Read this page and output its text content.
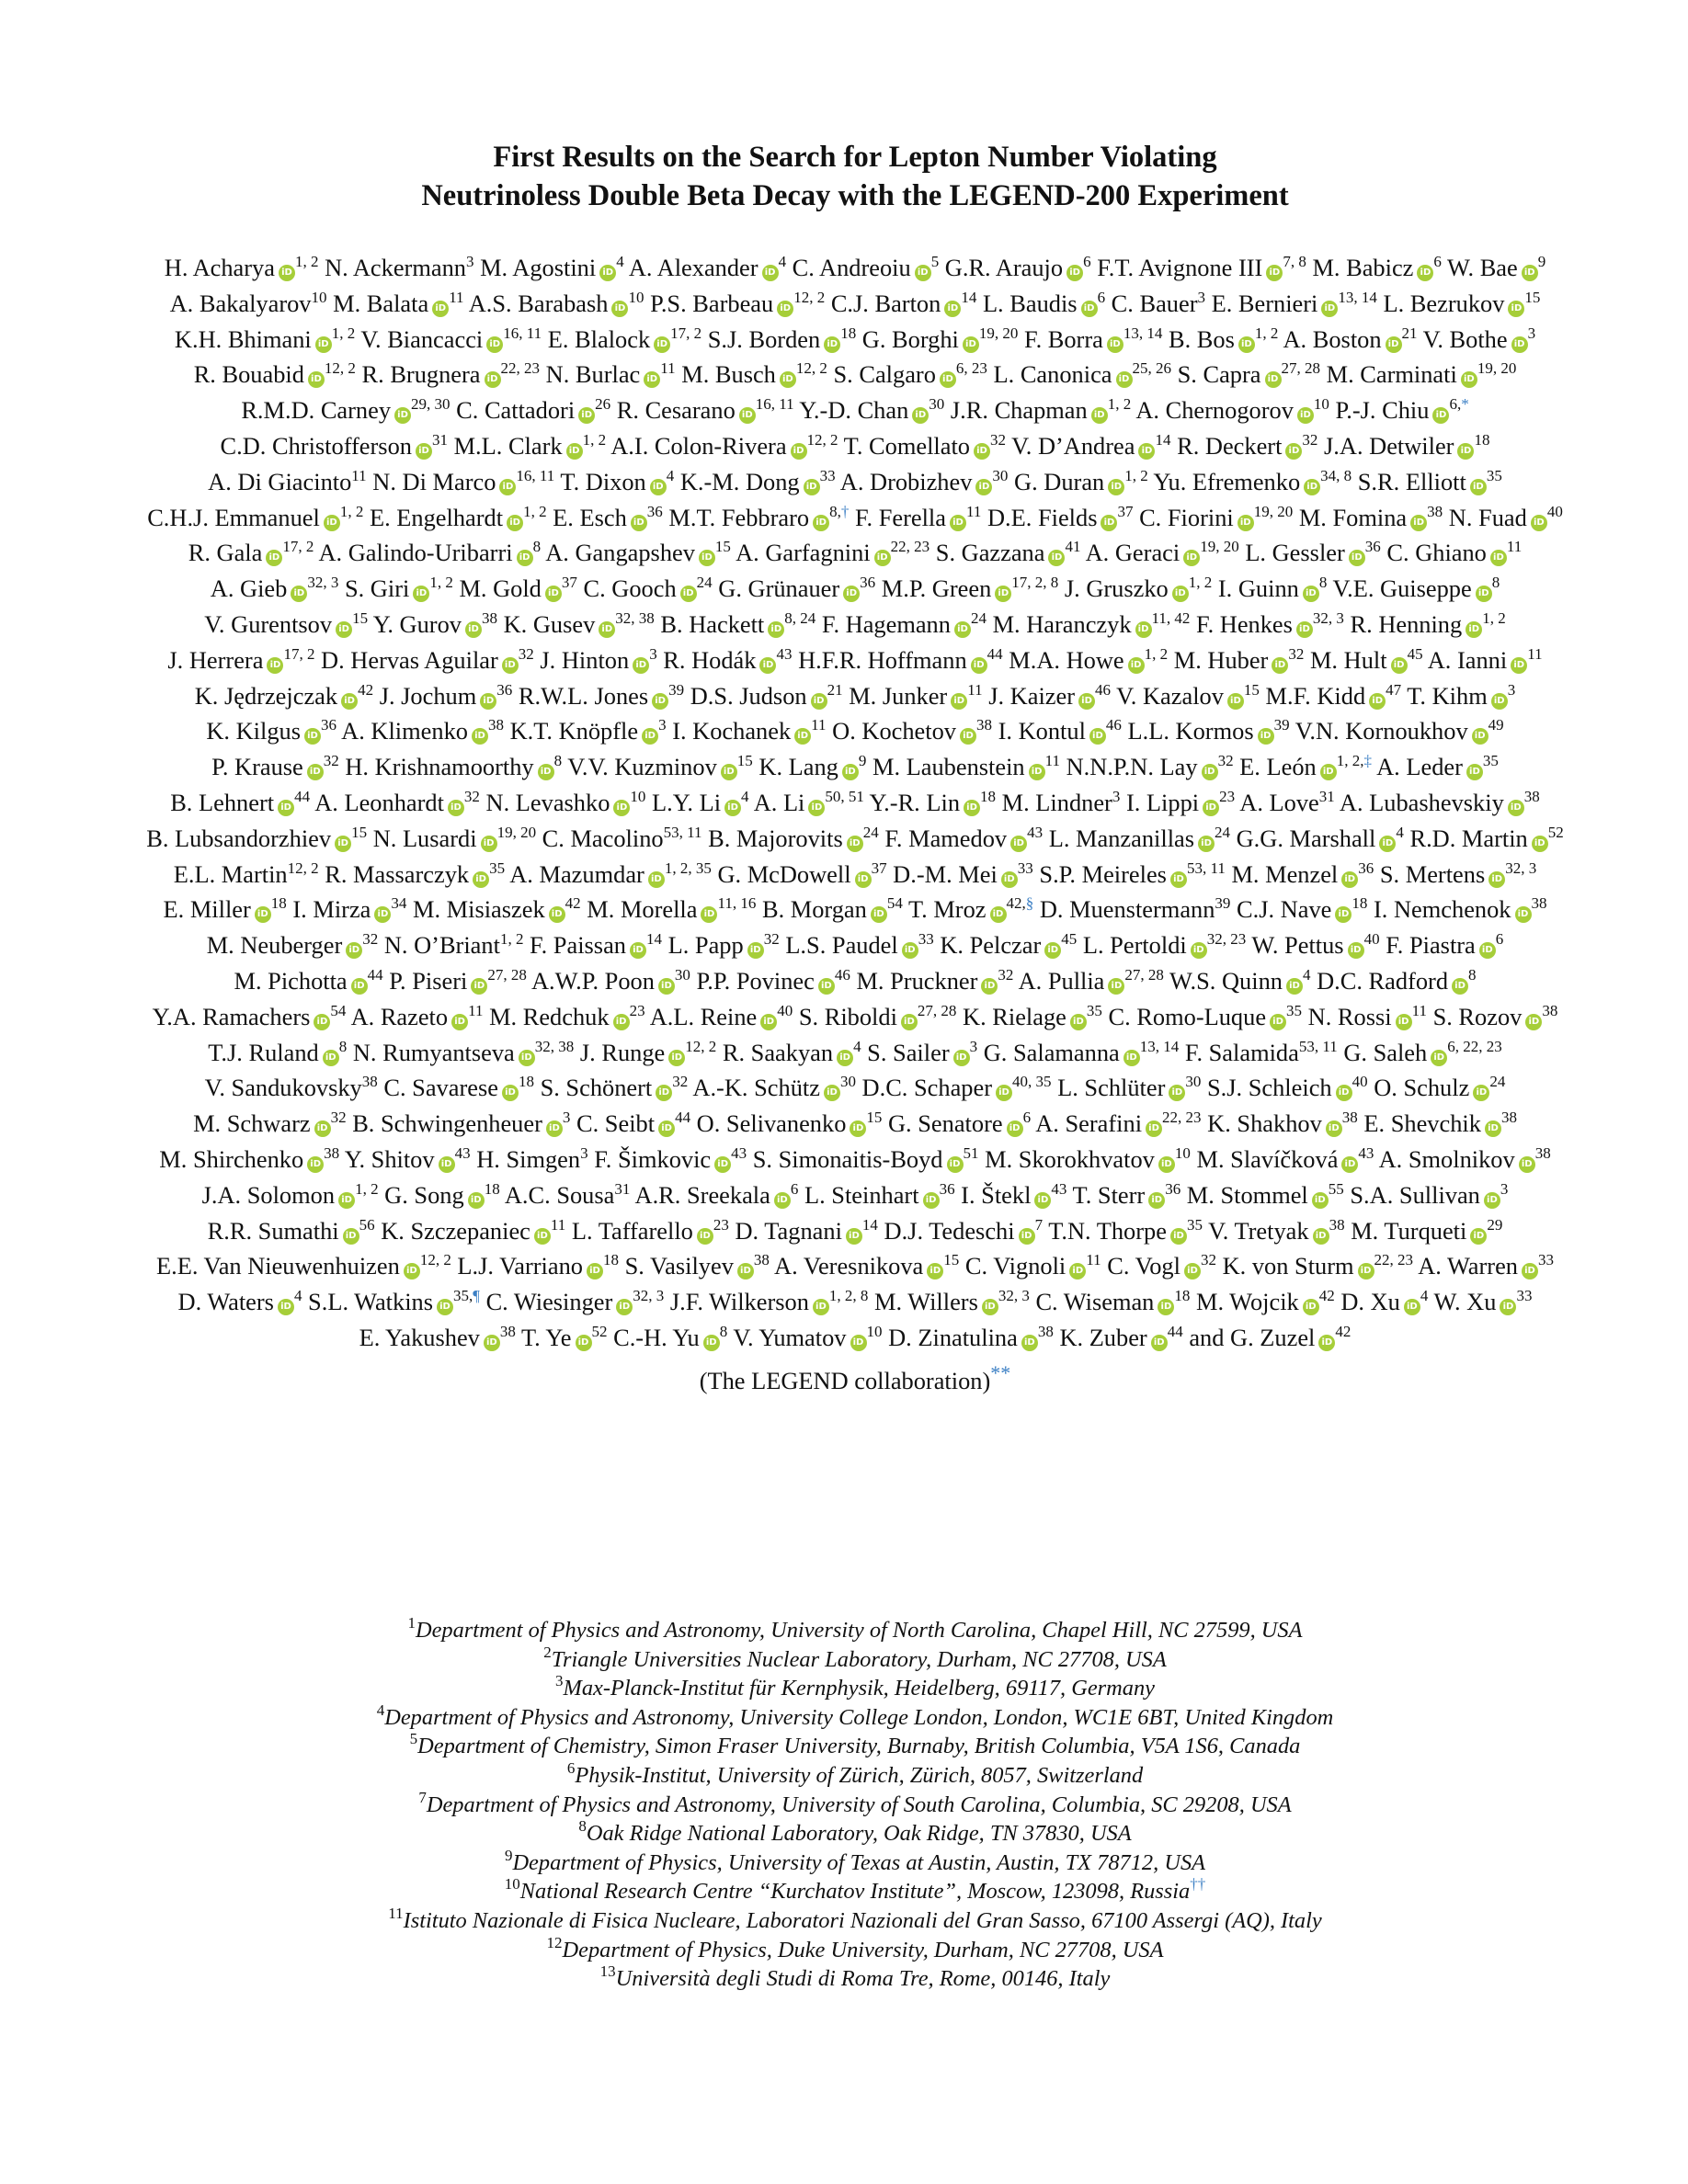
First Results on the Search for Lepton Number Violating
Neutrinoless Double Beta Decay with the LEGEND-200 Experiment
H. Acharya iD$^{1, 2}$ N. Ackermann$^3$ M. Agostini $iD^4$ A. Alexander $iD^4$ C. Andreoiu $iD^5$ G.R. Araujo $iD^6$ F.T. Avignone III iD$^{7, 8}$ M. Babicz $iD^6$ W. Bae $iD^9$ A. Bakalyarov$^{10}$ M. Balata $iD^{11}$ A.S. Barabash $iD^{10}$ P.S. Barbeau iD$^{12, 2}$ C.J. Barton $iD^{14}$ L. Baudis $iD^6$ C. Bauer$^3$ E. Bernieri iD$^{13, 14}$ L. Bezrukov $iD^{15}$ K.H. Bhimani iD$^{1, 2}$ V. Biancacci iD$^{16, 11}$ E. Blalock iD$^{17, 2}$ S.J. Borden $iD^{18}$ G. Borghi iD$^{19, 20}$ F. Borra iD$^{13, 14}$ B. Bos iD$^{1, 2}$ A. Boston $iD^{21}$ V. Bothe $iD^3$ R. Bouabid iD$^{12, 2}$ R. Brugnera iD$^{22, 23}$ N. Burlac $iD^{11}$ M. Busch iD$^{12, 2}$ S. Calgaro iD$^{6, 23}$ L. Canonica iD$^{25, 26}$ S. Capra iD$^{27, 28}$ M. Carminati iD$^{19, 20}$ R.M.D. Carney iD$^{29, 30}$ C. Cattadori $iD^{26}$ R. Cesarano iD$^{16, 11}$ Y.-D. Chan $iD^{30}$ J.R. Chapman iD$^{1, 2}$ A. Chernogorov $iD^{10}$ P.-J. Chiu iD$^{6,*}$ C.D. Christofferson $iD^{31}$ M.L. Clark iD$^{1, 2}$ A.I. Colon-Rivera iD$^{12, 2}$ T. Comellato $iD^{32}$ V. D’Andrea $iD^{14}$ R. Deckert $iD^{32}$ J.A. Detwiler $iD^{18}$ A. Di Giacinto$^{11}$ N. Di Marco iD$^{16, 11}$ T. Dixon $iD^4$ K.-M. Dong $iD^{33}$ A. Drobizhev $iD^{30}$ G. Duran iD$^{1, 2}$ Yu. Efremenko iD$^{34, 8}$ S.R. Elliott $iD^{35}$ C.H.J. Emmanuel iD$^{1, 2}$ E. Engelhardt iD$^{1, 2}$ E. Esch $iD^{36}$ M.T. Febbraro iD$^{8,\dagger}$ F. Ferella $iD^{11}$ D.E. Fields $iD^{37}$ C. Fiorini iD$^{19, 20}$ M. Fomina $iD^{38}$ N. Fuad $iD^{40}$ R. Gala iD$^{17, 2}$ A. Galindo-Uribarri $iD^8$ A. Gangapshev $iD^{15}$ A. Garfagnini iD$^{22, 23}$ S. Gazzana $iD^{41}$ A. Geraci iD$^{19, 20}$ L. Gessler $iD^{36}$ C. Ghiano $iD^{11}$ A. Gieb iD$^{32, 3}$ S. Giri iD$^{1, 2}$ M. Gold $iD^{37}$ C. Gooch $iD^{24}$ G. Grünauer $iD^{36}$ M.P. Green iD$^{17, 2, 8}$ J. Gruszko iD$^{1, 2}$ I. Guinn $iD^8$ V.E. Guiseppe $iD^8$ V. Gurentsov $iD^{15}$ Y. Gurov $iD^{38}$ K. Gusev iD$^{32, 38}$ B. Hackett iD$^{8, 24}$ F. Hagemann $iD^{24}$ M. Haranczyk iD$^{11, 42}$ F. Henkes iD$^{32, 3}$ R. Henning iD$^{1, 2}$ J. Herrera iD$^{17, 2}$ D. Hervas Aguilar $iD^{32}$ J. Hinton $iD^3$ R. Hodák $iD^{43}$ H.F.R. Hoffmann $iD^{44}$ M.A. Howe iD$^{1, 2}$ M. Huber $iD^{32}$ M. Hult $iD^{45}$ A. Ianni $iD^{11}$ K. Jędrzejczak $iD^{42}$ J. Jochum $iD^{36}$ R.W.L. Jones $iD^{39}$ D.S. Judson $iD^{21}$ M. Junker $iD^{11}$ J. Kaizer $iD^{46}$ V. Kazalov $iD^{15}$ M.F. Kidd $iD^{47}$ T. Kihm $iD^3$ K. Kilgus $iD^{36}$ A. Klimenko $iD^{38}$ K.T. Knöpfle $iD^3$ I. Kochanek $iD^{11}$ O. Kochetov $iD^{38}$ I. Kontul $iD^{46}$ L.L. Kormos $iD^{39}$ V.N. Kornoukhov $iD^{49}$ P. Krause $iD^{32}$ H. Krishnamoorthy $iD^8$ V.V. Kuzminov $iD^{15}$ K. Lang $iD^9$ M. Laubenstein $iD^{11}$ N.N.P.N. Lay $iD^{32}$ E. León iD$^{1, 2,\ddagger}$ A. Leder $iD^{35}$ B. Lehnert $iD^{44}$ A. Leonhardt $iD^{32}$ N. Levashko $iD^{10}$ L.Y. Li $iD^4$ A. Li iD$^{50, 51}$ Y.-R. Lin $iD^{18}$ M. Lindner$^3$ I. Lippi $iD^{23}$ A. Love$^{31}$ A. Lubashevskiy $iD^{38}$ B. Lubsandorzhiev $iD^{15}$ N. Lusardi iD$^{19, 20}$ C. Macolino$^{53, 11}$ B. Majorovits $iD^{24}$ F. Mamedov $iD^{43}$ L. Manzanillas $iD^{24}$ G.G. Marshall $iD^4$ R.D. Martin $iD^{52}$ E.L. Martin$^{12, 2}$ R. Massarczyk $iD^{35}$ A. Mazumdar iD$^{1, 2, 35}$ G. McDowell $iD^{37}$ D.-M. Mei $iD^{33}$ S.P. Meireles iD$^{53, 11}$ M. Menzel $iD^{36}$ S. Mertens iD$^{32, 3}$ E. Miller $iD^{18}$ I. Mirza $iD^{34}$ M. Misiaszek $iD^{42}$ M. Morella iD$^{11, 16}$ B. Morgan $iD^{54}$ T. Mroz iD$^{42,\S}$ D. Muenstermann$^{39}$ C.J. Nave $iD^{18}$ I. Nemchenok $iD^{38}$ M. Neuberger $iD^{32}$ N. O’Briant$^{1, 2}$ F. Paissan $iD^{14}$ L. Papp $iD^{32}$ L.S. Paudel $iD^{33}$ K. Pelczar $iD^{45}$ L. Pertoldi iD$^{32, 23}$ W. Pettus $iD^{40}$ F. Piastra $iD^6$ M. Pichotta $iD^{44}$ P. Piseri iD$^{27, 28}$ A.W.P. Poon $iD^{30}$ P.P. Povinec $iD^{46}$ M. Pruckner $iD^{32}$ A. Pullia iD$^{27, 28}$ W.S. Quinn $iD^4$ D.C. Radford $iD^8$ Y.A. Ramachers $iD^{54}$ A. Razeto $iD^{11}$ M. Redchuk $iD^{23}$ A.L. Reine $iD^{40}$ S. Riboldi iD$^{27, 28}$ K. Rielage $iD^{35}$ C. Romo-Luque $iD^{35}$ N. Rossi $iD^{11}$ S. Rozov $iD^{38}$ T.J. Ruland $iD^8$ N. Rumyantseva iD$^{32, 38}$ J. Runge iD$^{12, 2}$ R. Saakyan $iD^4$ S. Sailer $iD^3$ G. Salamanna iD$^{13, 14}$ F. Salamida$^{53, 11}$ G. Saleh iD$^{6, 22, 23}$ V. Sandukovsky$^{38}$ C. Savarese $iD^{18}$ S. Schönert $iD^{32}$ A.-K. Schütz $iD^{30}$ D.C. Schaper iD$^{40, 35}$ L. Schlüter $iD^{30}$ S.J. Schleich $iD^{40}$ O. Schulz $iD^{24}$ M. Schwarz $iD^{32}$ B. Schwingenheuer $iD^3$ C. Seibt $iD^{44}$ O. Selivanenko $iD^{15}$ G. Senatore $iD^6$ A. Serafini iD$^{22, 23}$ K. Shakhov $iD^{38}$ E. Shevchik $iD^{38}$ M. Shirchenko $iD^{38}$ Y. Shitov $iD^{43}$ H. Simgen$^3$ F. Šimkovic $iD^{43}$ S. Simonaitis-Boyd $iD^{51}$ M. Skorokhvatov $iD^{10}$ M. Slavíčková $iD^{43}$ A. Smolnikov $iD^{38}$ J.A. Solomon iD$^{1, 2}$ G. Song $iD^{18}$ A.C. Sousa$^{31}$ A.R. Sreekala $iD^6$ L. Steinhart $iD^{36}$ I. Štekl $iD^{43}$ T. Sterr $iD^{36}$ M. Stommel $iD^{55}$ S.A. Sullivan $iD^3$ R.R. Sumathi $iD^{56}$ K. Szczepaniec $iD^{11}$ L. Taffarello $iD^{23}$ D. Tagnani $iD^{14}$ D.J. Tedeschi $iD^7$ T.N. Thorpe $iD^{35}$ V. Tretyak $iD^{38}$ M. Turqueti $iD^{29}$ E.E. Van Nieuwenhuizen iD$^{12, 2}$ L.J. Varriano $iD^{18}$ S. Vasilyev $iD^{38}$ A. Veresnikova $iD^{15}$ C. Vignoli $iD^{11}$ C. Vogl $iD^{32}$ K. von Sturm iD$^{22, 23}$ A. Warren $iD^{33}$ D. Waters $iD^4$ S.L. Watkins iD$^{35,\P}$ C. Wiesinger iD$^{32, 3}$ J.F. Wilkerson iD$^{1, 2, 8}$ M. Willers iD$^{32, 3}$ C. Wiseman $iD^{18}$ M. Wojcik $iD^{42}$ D. Xu $iD^4$ W. Xu $iD^{33}$ E. Yakushev $iD^{38}$ T. Ye $iD^{52}$ C.-H. Yu $iD^8$ V. Yumatov $iD^{10}$ D. Zinatulina $iD^{38}$ K. Zuber $iD^{44}$ and G. Zuzel $iD^{42}$
(The LEGEND collaboration)**
$^1$Department of Physics and Astronomy, University of North Carolina, Chapel Hill, NC 27599, USA
$^2$Triangle Universities Nuclear Laboratory, Durham, NC 27708, USA
$^3$Max-Planck-Institut für Kernphysik, Heidelberg, 69117, Germany
$^4$Department of Physics and Astronomy, University College London, London, WC1E 6BT, United Kingdom
$^5$Department of Chemistry, Simon Fraser University, Burnaby, British Columbia, V5A 1S6, Canada
$^6$Physik-Institut, University of Zürich, Zürich, 8057, Switzerland
$^7$Department of Physics and Astronomy, University of South Carolina, Columbia, SC 29208, USA
$^8$Oak Ridge National Laboratory, Oak Ridge, TN 37830, USA
$^9$Department of Physics, University of Texas at Austin, Austin, TX 78712, USA
$^{10}$National Research Centre “Kurchatov Institute”, Moscow, 123098, Russia††
$^{11}$Istituto Nazionale di Fisica Nucleare, Laboratori Nazionali del Gran Sasso, 67100 Assergi (AQ), Italy
$^{12}$Department of Physics, Duke University, Durham, NC 27708, USA
$^{13}$Università degli Studi di Roma Tre, Rome, 00146, Italy
